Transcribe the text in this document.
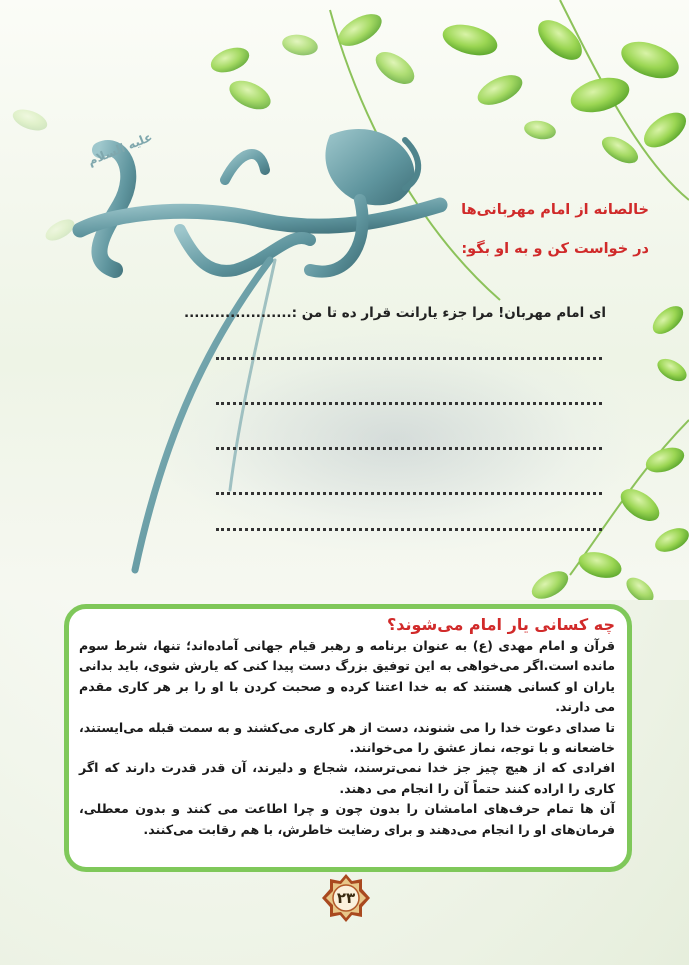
علیه السلام
خالصانه از امام مهربانی‌ها
در خواست کن و به او بگو:
ای امام مهربان! مرا جزء یارانت قرار ده تا من :.....................
چه کسانی یار امام می‌شوند؟

قرآن و امام مهدی (ع) به عنوان برنامه و رهبر قیام جهانی آماده‌اند؛ تنها، شرط سوم مانده است.اگر می‌خواهی به این توفیق بزرگ دست پیدا کنی که یارش شوی، باید بدانی یاران او کسانی هستند که به خدا اعتنا کرده و صحبت کردن با او را بر هر کاری مقدم می دارند.

تا صدای دعوت خدا را می شنوند، دست از هر کاری می‌کشند و به سمت قبله می‌ایستند، خاضعانه و با توجه، نماز عشق را می‌خوانند.

افرادی که از هیچ چیز جز خدا نمی‌ترسند، شجاع و دلیرند، آن قدر قدرت دارند که اگر کاری را اراده کنند حتماً آن را انجام می دهند.

آن ها تمام حرف‌های امامشان را بدون چون و چرا اطاعت می کنند و بدون معطلی، فرمان‌های او را انجام می‌دهند و برای رضایت خاطرش، با هم رقابت می‌کنند.

۲۳
